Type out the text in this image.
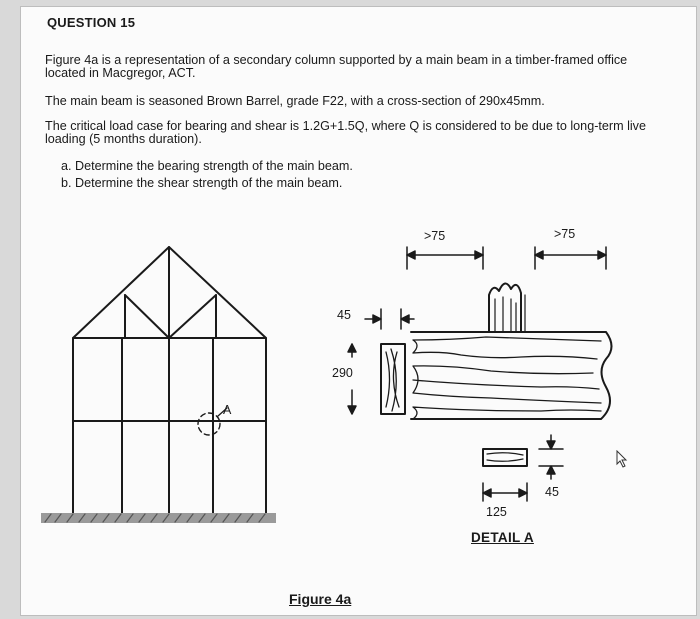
QUESTION 15
Figure 4a is a representation of a secondary column supported by a main beam in a timber-framed office located in Macgregor, ACT.
The main beam is seasoned Brown Barrel, grade F22, with a cross-section of 290x45mm.
The critical load case for bearing and shear is 1.2G+1.5Q, where Q is considered to be due to long-term live loading (5 months duration).
a. Determine the bearing strength of the main beam.
b. Determine the shear strength of the main beam.
>75	>75
45
290
A
45
125
DETAIL A
Figure 4a
